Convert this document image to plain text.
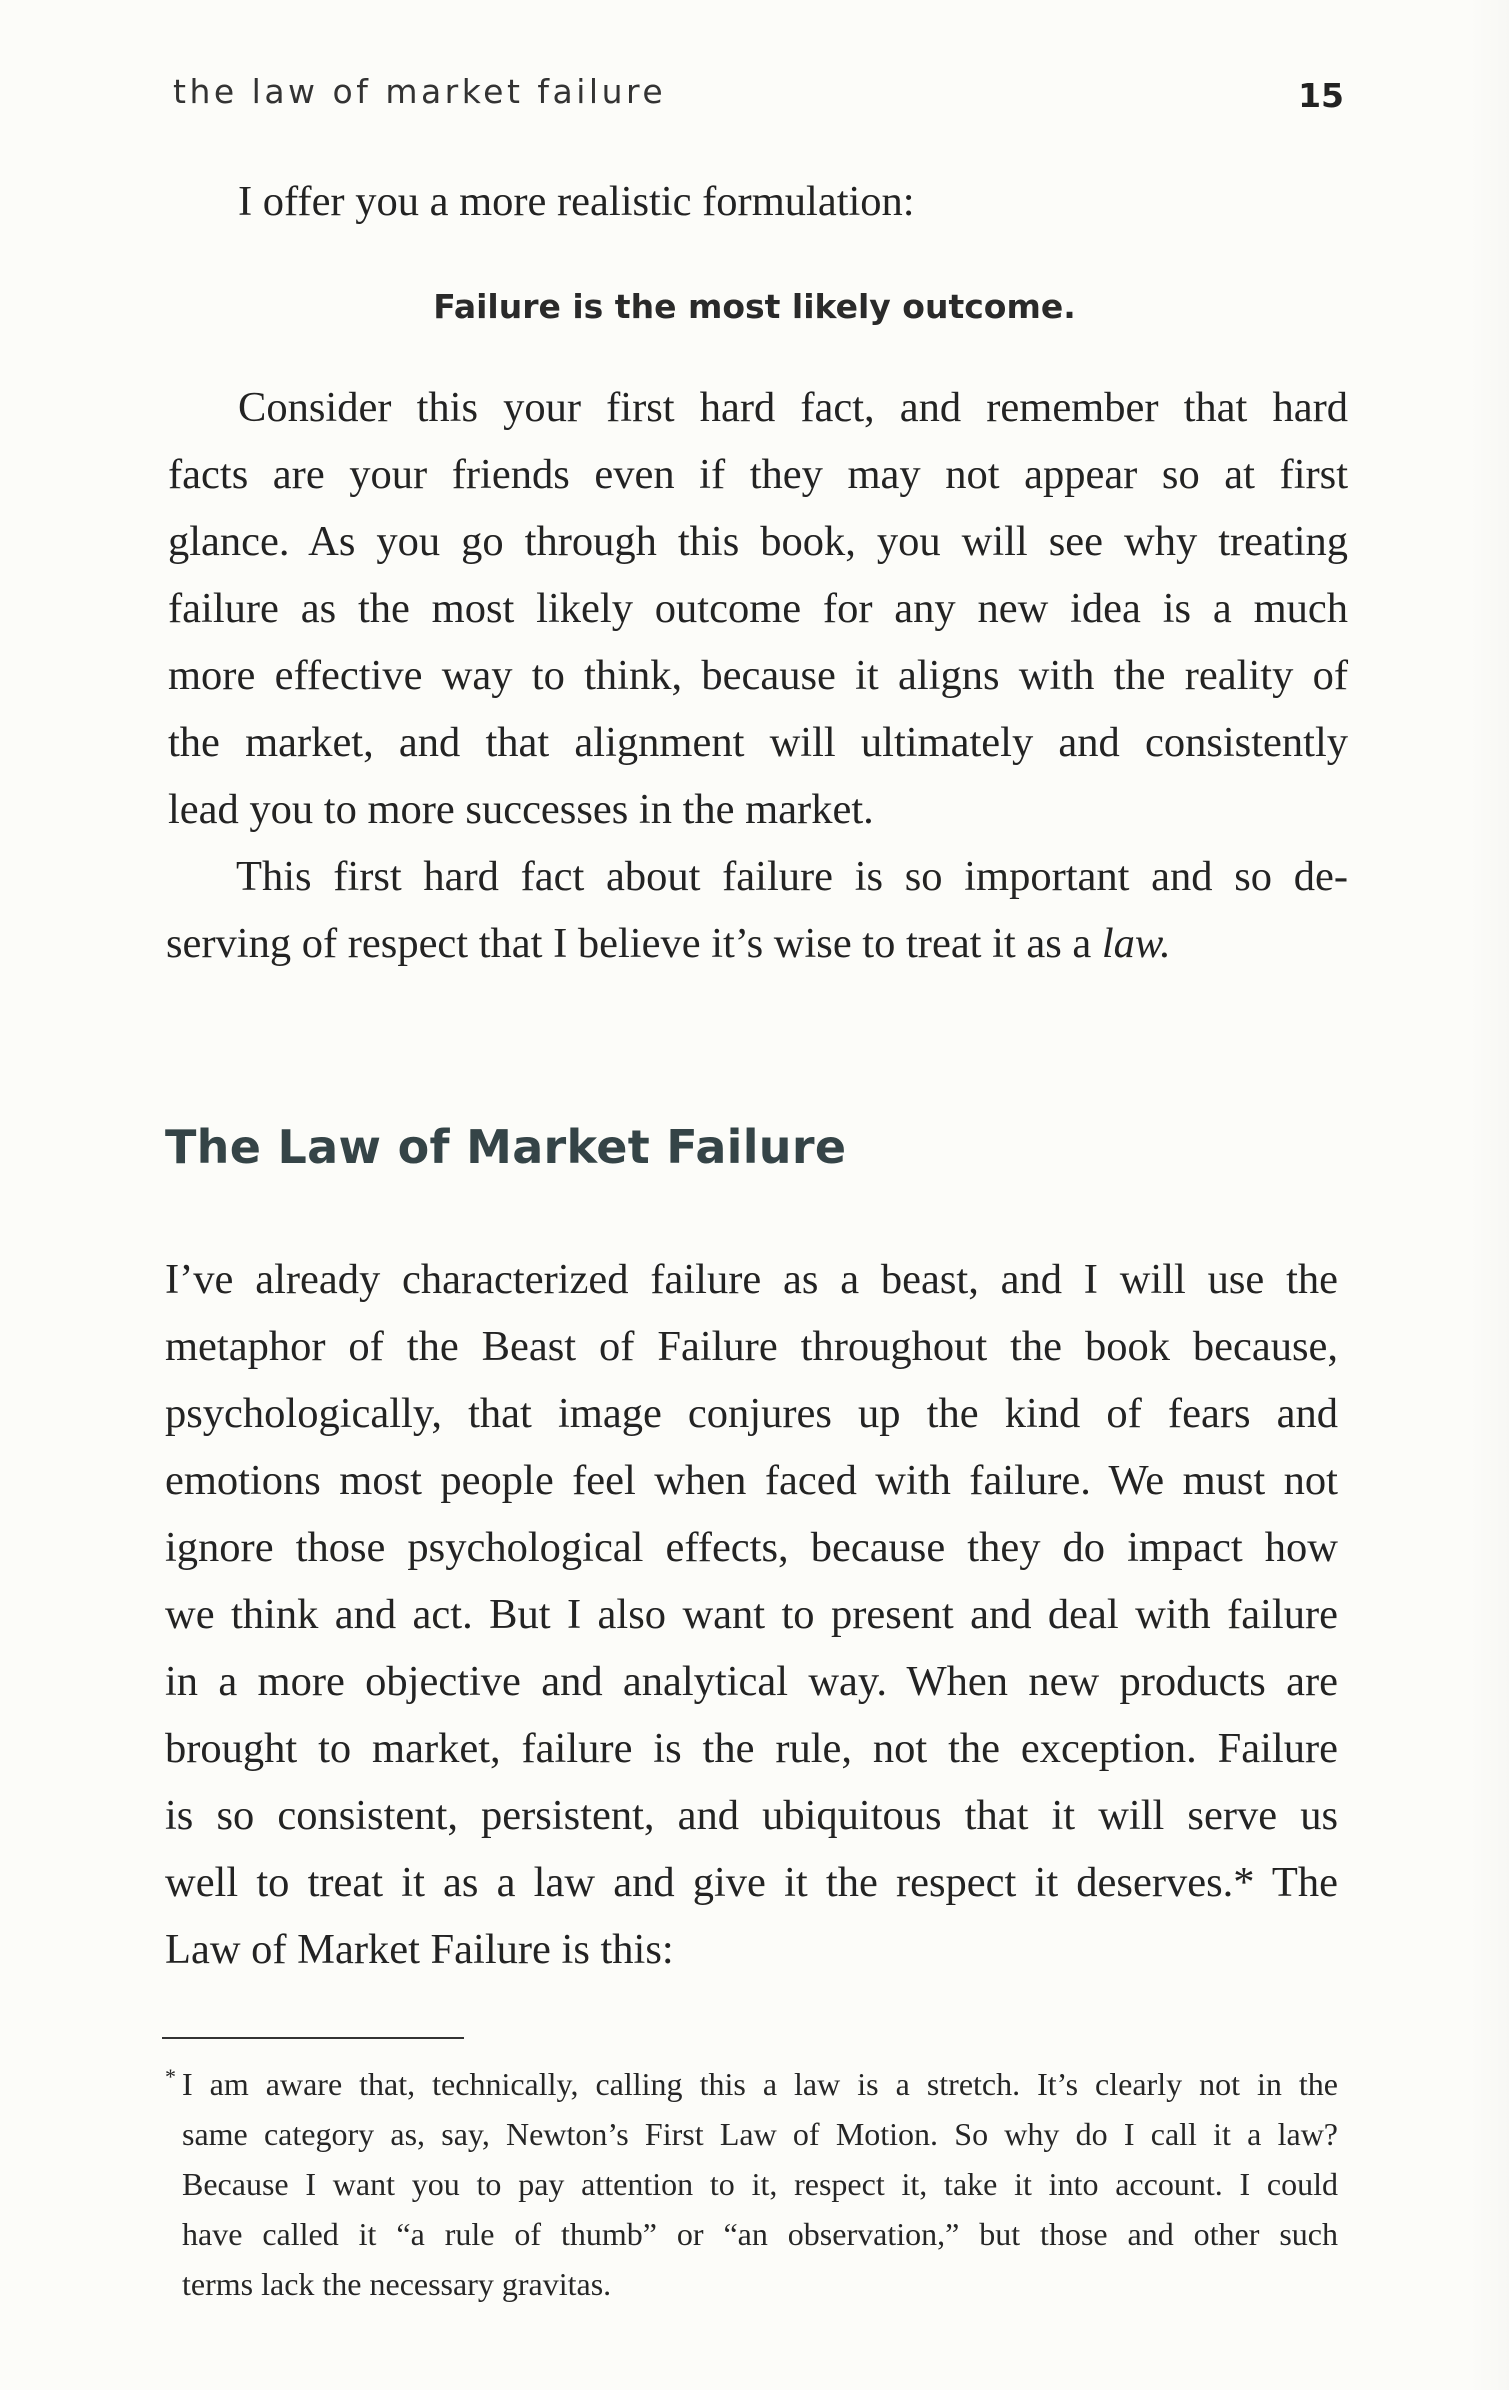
the law of market failure	15
I offer you a more realistic formulation:
Failure is the most likely outcome.
Consider this your first hard fact, and remember that hard
facts are your friends even if they may not appear so at first
glance. As you go through this book, you will see why treating
failure as the most likely outcome for any new idea is a much
more effective way to think, because it aligns with the reality of
the market, and that alignment will ultimately and consistently
lead you to more successes in the market.
This first hard fact about failure is so important and so de-
serving of respect that I believe it’s wise to treat it as a law.
The Law of Market Failure
I’ve already characterized failure as a beast, and I will use the
metaphor of the Beast of Failure throughout the book because,
psychologically, that image conjures up the kind of fears and
emotions most people feel when faced with failure. We must not
ignore those psychological effects, because they do impact how
we think and act. But I also want to present and deal with failure
in a more objective and analytical way. When new products are
brought to market, failure is the rule, not the exception. Failure
is so consistent, persistent, and ubiquitous that it will serve us
well to treat it as a law and give it the respect it deserves.* The
Law of Market Failure is this:
* I am aware that, technically, calling this a law is a stretch. It’s clearly not in the
same category as, say, Newton’s First Law of Motion. So why do I call it a law?
Because I want you to pay attention to it, respect it, take it into account. I could
have called it “a rule of thumb” or “an observation,” but those and other such
terms lack the necessary gravitas.
